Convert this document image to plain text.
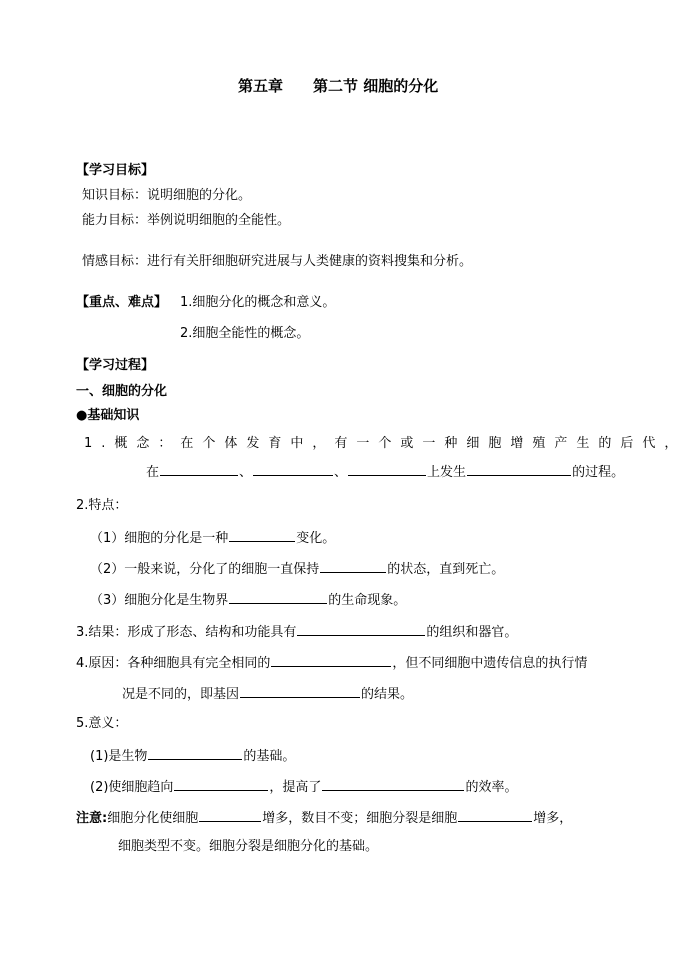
第五章 第二节 细胞的分化
【学习目标】
知识目标：说明细胞的分化。
能力目标：举例说明细胞的全能性。
情感目标：进行有关肝细胞研究进展与人类健康的资料搜集和分析。
【重点、难点】 1.细胞分化的概念和意义。
2.细胞全能性的概念。
【学习过程】
一、细胞的分化
●基础知识
1.概念：在个体发育中，有一个或一种细胞增殖产生的后代，
在	、	、	上发生	的过程。
2.特点：
（1）细胞的分化是一种	变化。
（2）一般来说，分化了的细胞一直保持	的状态，直到死亡。
（3）细胞分化是生物界	的生命现象。
3.结果：形成了形态、结构和功能具有	的组织和器官。
4.原因：各种细胞具有完全相同的	，但不同细胞中遗传信息的执行情
况是不同的，即基因	的结果。
5.意义：
(1)是生物	的基础。
(2)使细胞趋向	，提高了	的效率。
注意:细胞分化使细胞	增多，数目不变；细胞分裂是细胞	增多，
细胞类型不变。细胞分裂是细胞分化的基础。
